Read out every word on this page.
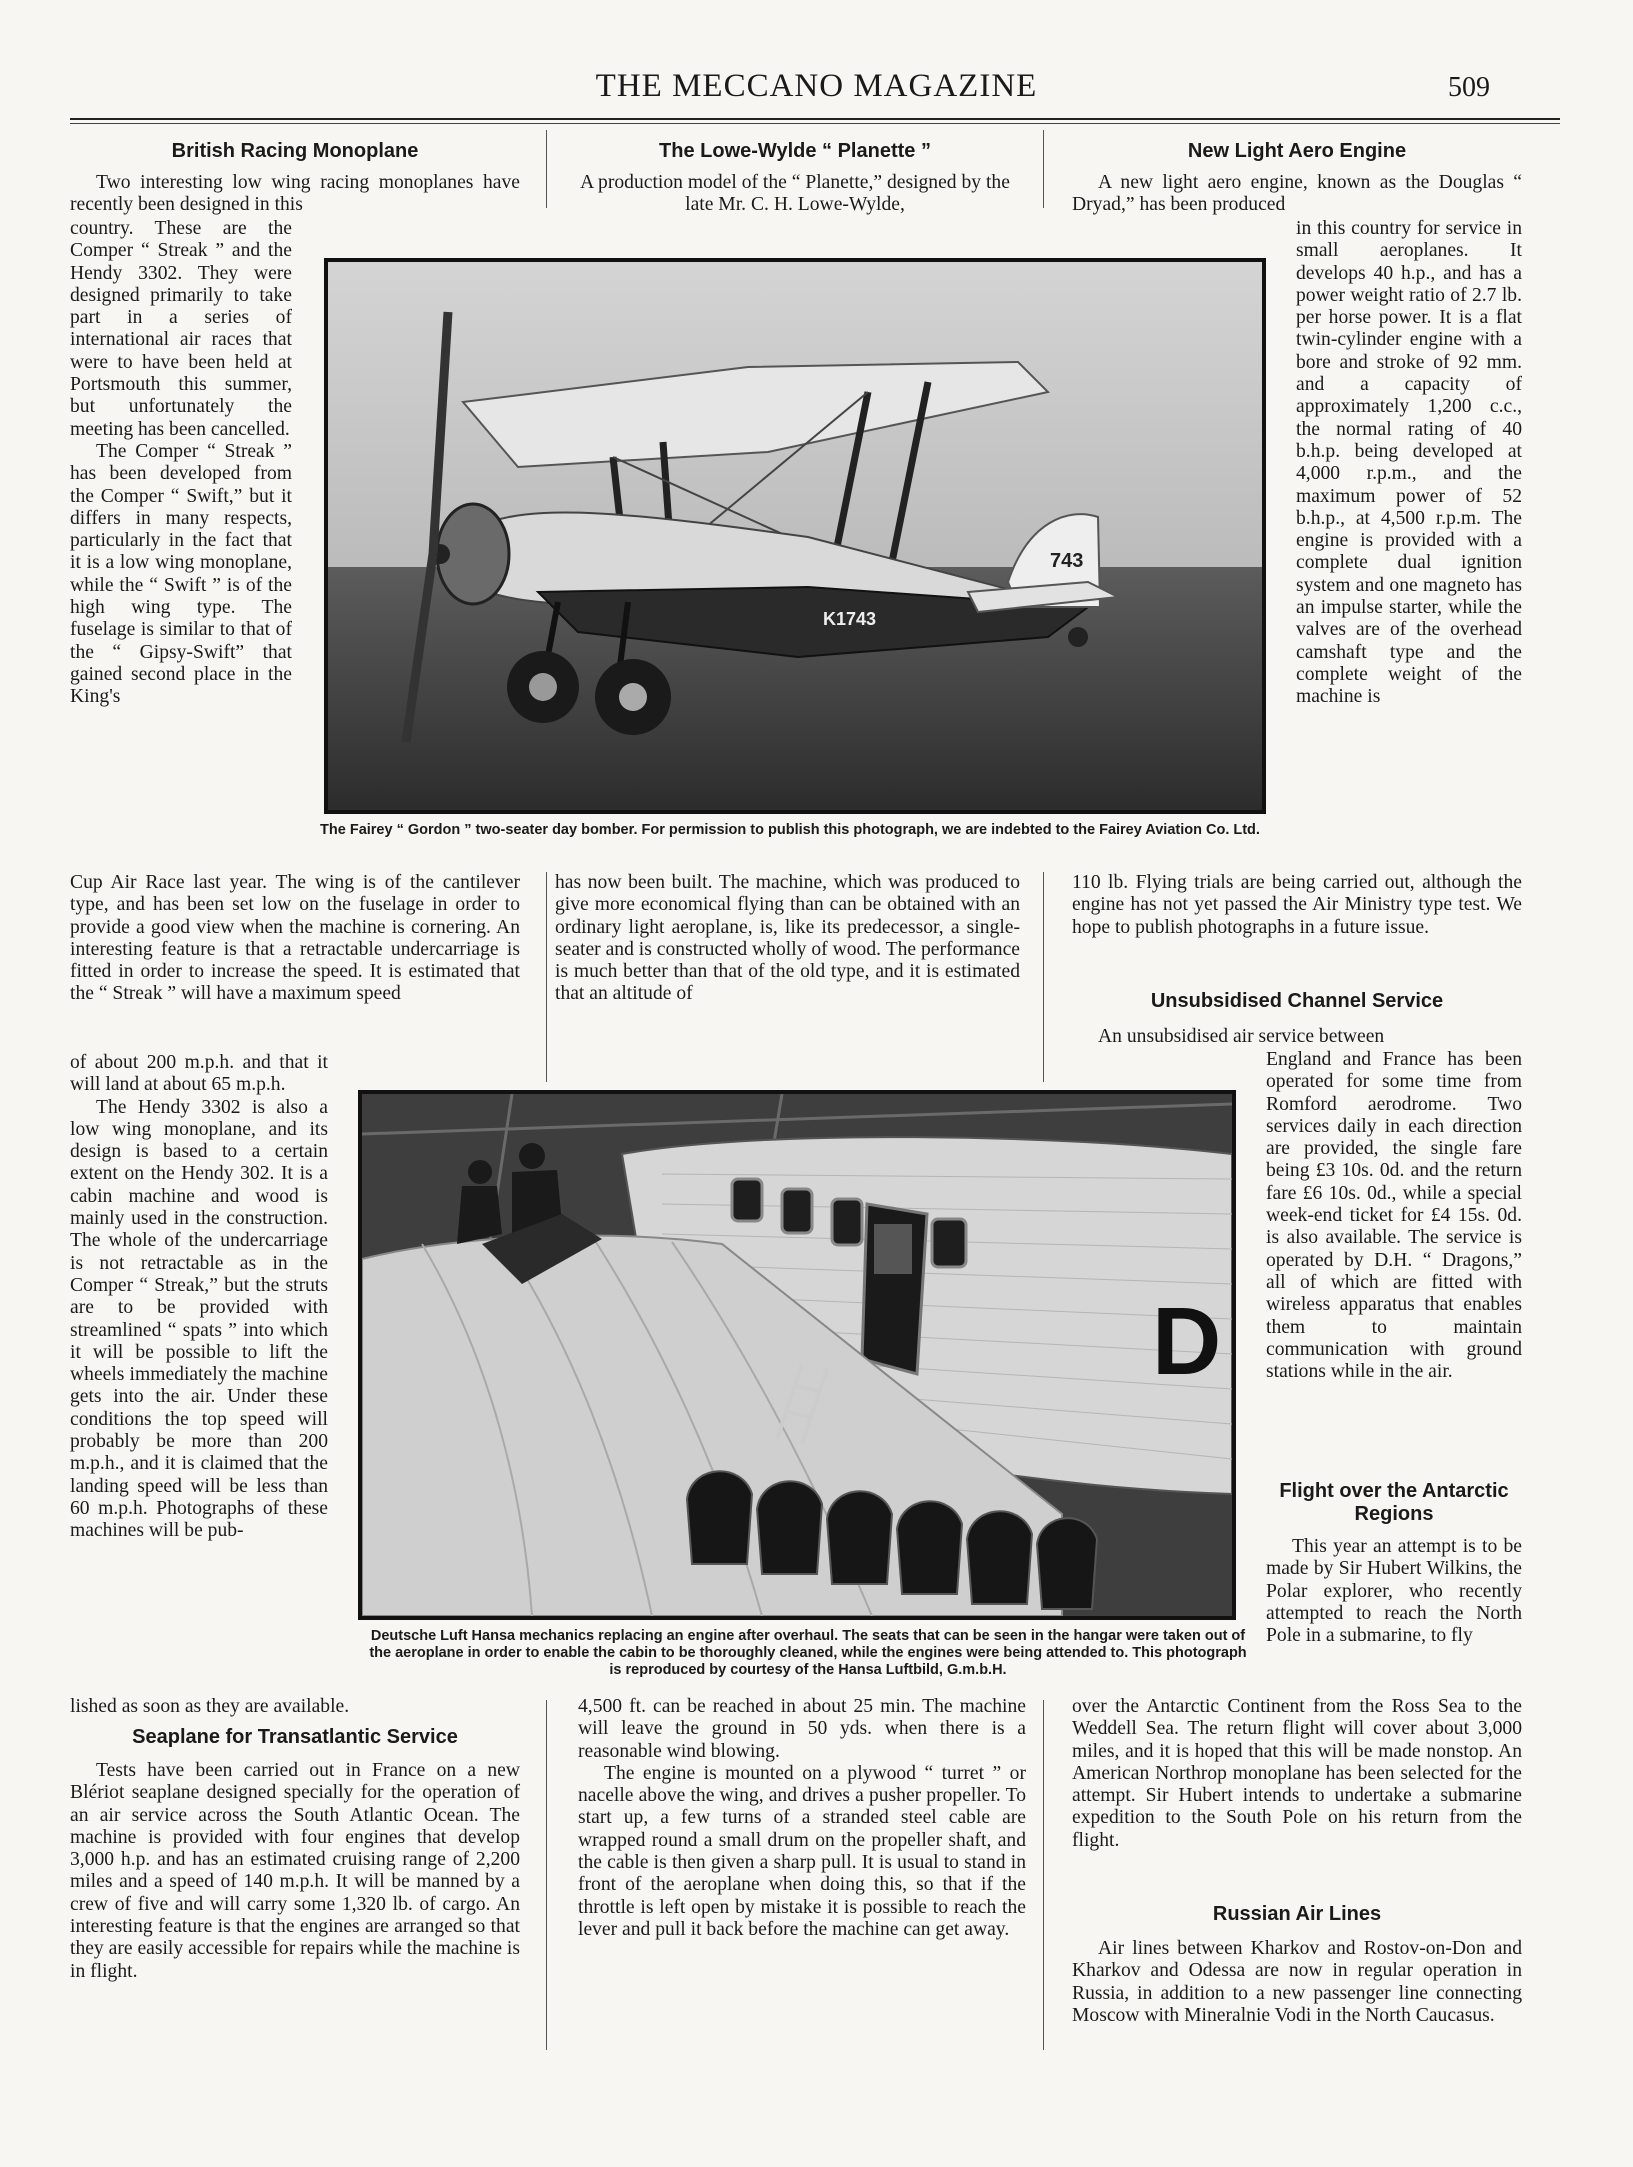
THE MECCANO MAGAZINE	509
British Racing Monoplane

Two interesting low wing racing monoplanes have recently been designed in this

country. These are the Comper “ Streak ” and the Hendy 3302. They were designed primarily to take part in a series of international air races that were to have been held at Portsmouth this summer, but unfortunately the meeting has been cancelled.

The Comper “ Streak ” has been developed from the Comper “ Swift,” but it differs in many respects, particularly in the fact that it is a low wing monoplane, while the “ Swift ” is of the high wing type. The fuselage is similar to that of the “ Gipsy-Swift” that gained second place in the King's

Cup Air Race last year. The wing is of the cantilever type, and has been set low on the fuselage in order to provide a good view when the machine is cornering. An interesting feature is that a retractable undercarriage is fitted in order to increase the speed. It is estimated that the “ Streak ” will have a maximum speed

of about 200 m.p.h. and that it will land at about 65 m.p.h.

The Hendy 3302 is also a low wing monoplane, and its design is based to a certain extent on the Hendy 302. It is a cabin machine and wood is mainly used in the construction. The whole of the undercarriage is not retractable as in the Comper “ Streak,” but the struts are to be provided with streamlined “ spats ” into which it will be possible to lift the wheels immediately the machine gets into the air. Under these conditions the top speed will probably be more than 200 m.p.h., and it is claimed that the landing speed will be less than 60 m.p.h. Photographs of these machines will be pub-

lished as soon as they are available.

Seaplane for Transatlantic Service

Tests have been carried out in France on a new Blériot seaplane designed specially for the operation of an air service across the South Atlantic Ocean. The machine is provided with four engines that develop 3,000 h.p. and has an estimated cruising range of 2,200 miles and a speed of 140 m.p.h. It will be manned by a crew of five and will carry some 1,320 lb. of cargo. An interesting feature is that the engines are arranged so that they are easily accessible for repairs while the machine is in flight.

The Lowe-Wylde “ Planette ”

A production model of the “ Planette,” designed by the late Mr. C. H. Lowe-Wylde,

has now been built. The machine, which was produced to give more economical flying than can be obtained with an ordinary light aeroplane, is, like its predecessor, a single-seater and is constructed wholly of wood. The performance is much better than that of the old type, and it is estimated that an altitude of

4,500 ft. can be reached in about 25 min. The machine will leave the ground in 50 yds. when there is a reasonable wind blowing.

The engine is mounted on a plywood “ turret ” or nacelle above the wing, and drives a pusher propeller. To start up, a few turns of a stranded steel cable are wrapped round a small drum on the propeller shaft, and the cable is then given a sharp pull. It is usual to stand in front of the aeroplane when doing this, so that if the throttle is left open by mistake it is possible to reach the lever and pull it back before the machine can get away.

New Light Aero Engine

A new light aero engine, known as the Douglas “ Dryad,” has been produced

in this country for service in small aeroplanes. It develops 40 h.p., and has a power weight ratio of 2.7 lb. per horse power. It is a flat twin-cylinder engine with a bore and stroke of 92 mm. and a capacity of approximately 1,200 c.c., the normal rating of 40 b.h.p. being developed at 4,000 r.p.m., and the maximum power of 52 b.h.p., at 4,500 r.p.m. The engine is provided with a complete dual ignition system and one magneto has an impulse starter, while the valves are of the overhead camshaft type and the complete weight of the machine is

110 lb. Flying trials are being carried out, although the engine has not yet passed the Air Ministry type test. We hope to publish photographs in a future issue.

Unsubsidised Channel Service

An unsubsidised air service between

England and France has been operated for some time from Romford aerodrome. Two services daily in each direction are provided, the single fare being £3 10s. 0d. and the return fare £6 10s. 0d., while a special week-end ticket for £4 15s. 0d. is also available. The service is operated by D.H. “ Dragons,” all of which are fitted with wireless apparatus that enables them to maintain communication with ground stations while in the air.

Flight over the Antarctic Regions

This year an attempt is to be made by Sir Hubert Wilkins, the Polar explorer, who recently attempted to reach the North Pole in a submarine, to fly

over the Antarctic Continent from the Ross Sea to the Weddell Sea. The return flight will cover about 3,000 miles, and it is hoped that this will be made nonstop. An American Northrop monoplane has been selected for the attempt. Sir Hubert intends to undertake a submarine expedition to the South Pole on his return from the flight.

Russian Air Lines

Air lines between Kharkov and Rostov-on-Don and Kharkov and Odessa are now in regular operation in Russia, in addition to a new passenger line connecting Moscow with Mineralnie Vodi in the North Caucasus.

743
K1743
The Fairey “ Gordon ” two-seater day bomber. For permission to publish this photograph, we are indebted to the Fairey Aviation Co. Ltd.
D
Deutsche Luft Hansa mechanics replacing an engine after overhaul. The seats that can be seen in the hangar were taken out of the aeroplane in order to enable the cabin to be thoroughly cleaned, while the engines were being attended to. This photograph is reproduced by courtesy of the Hansa Luftbild, G.m.b.H.
